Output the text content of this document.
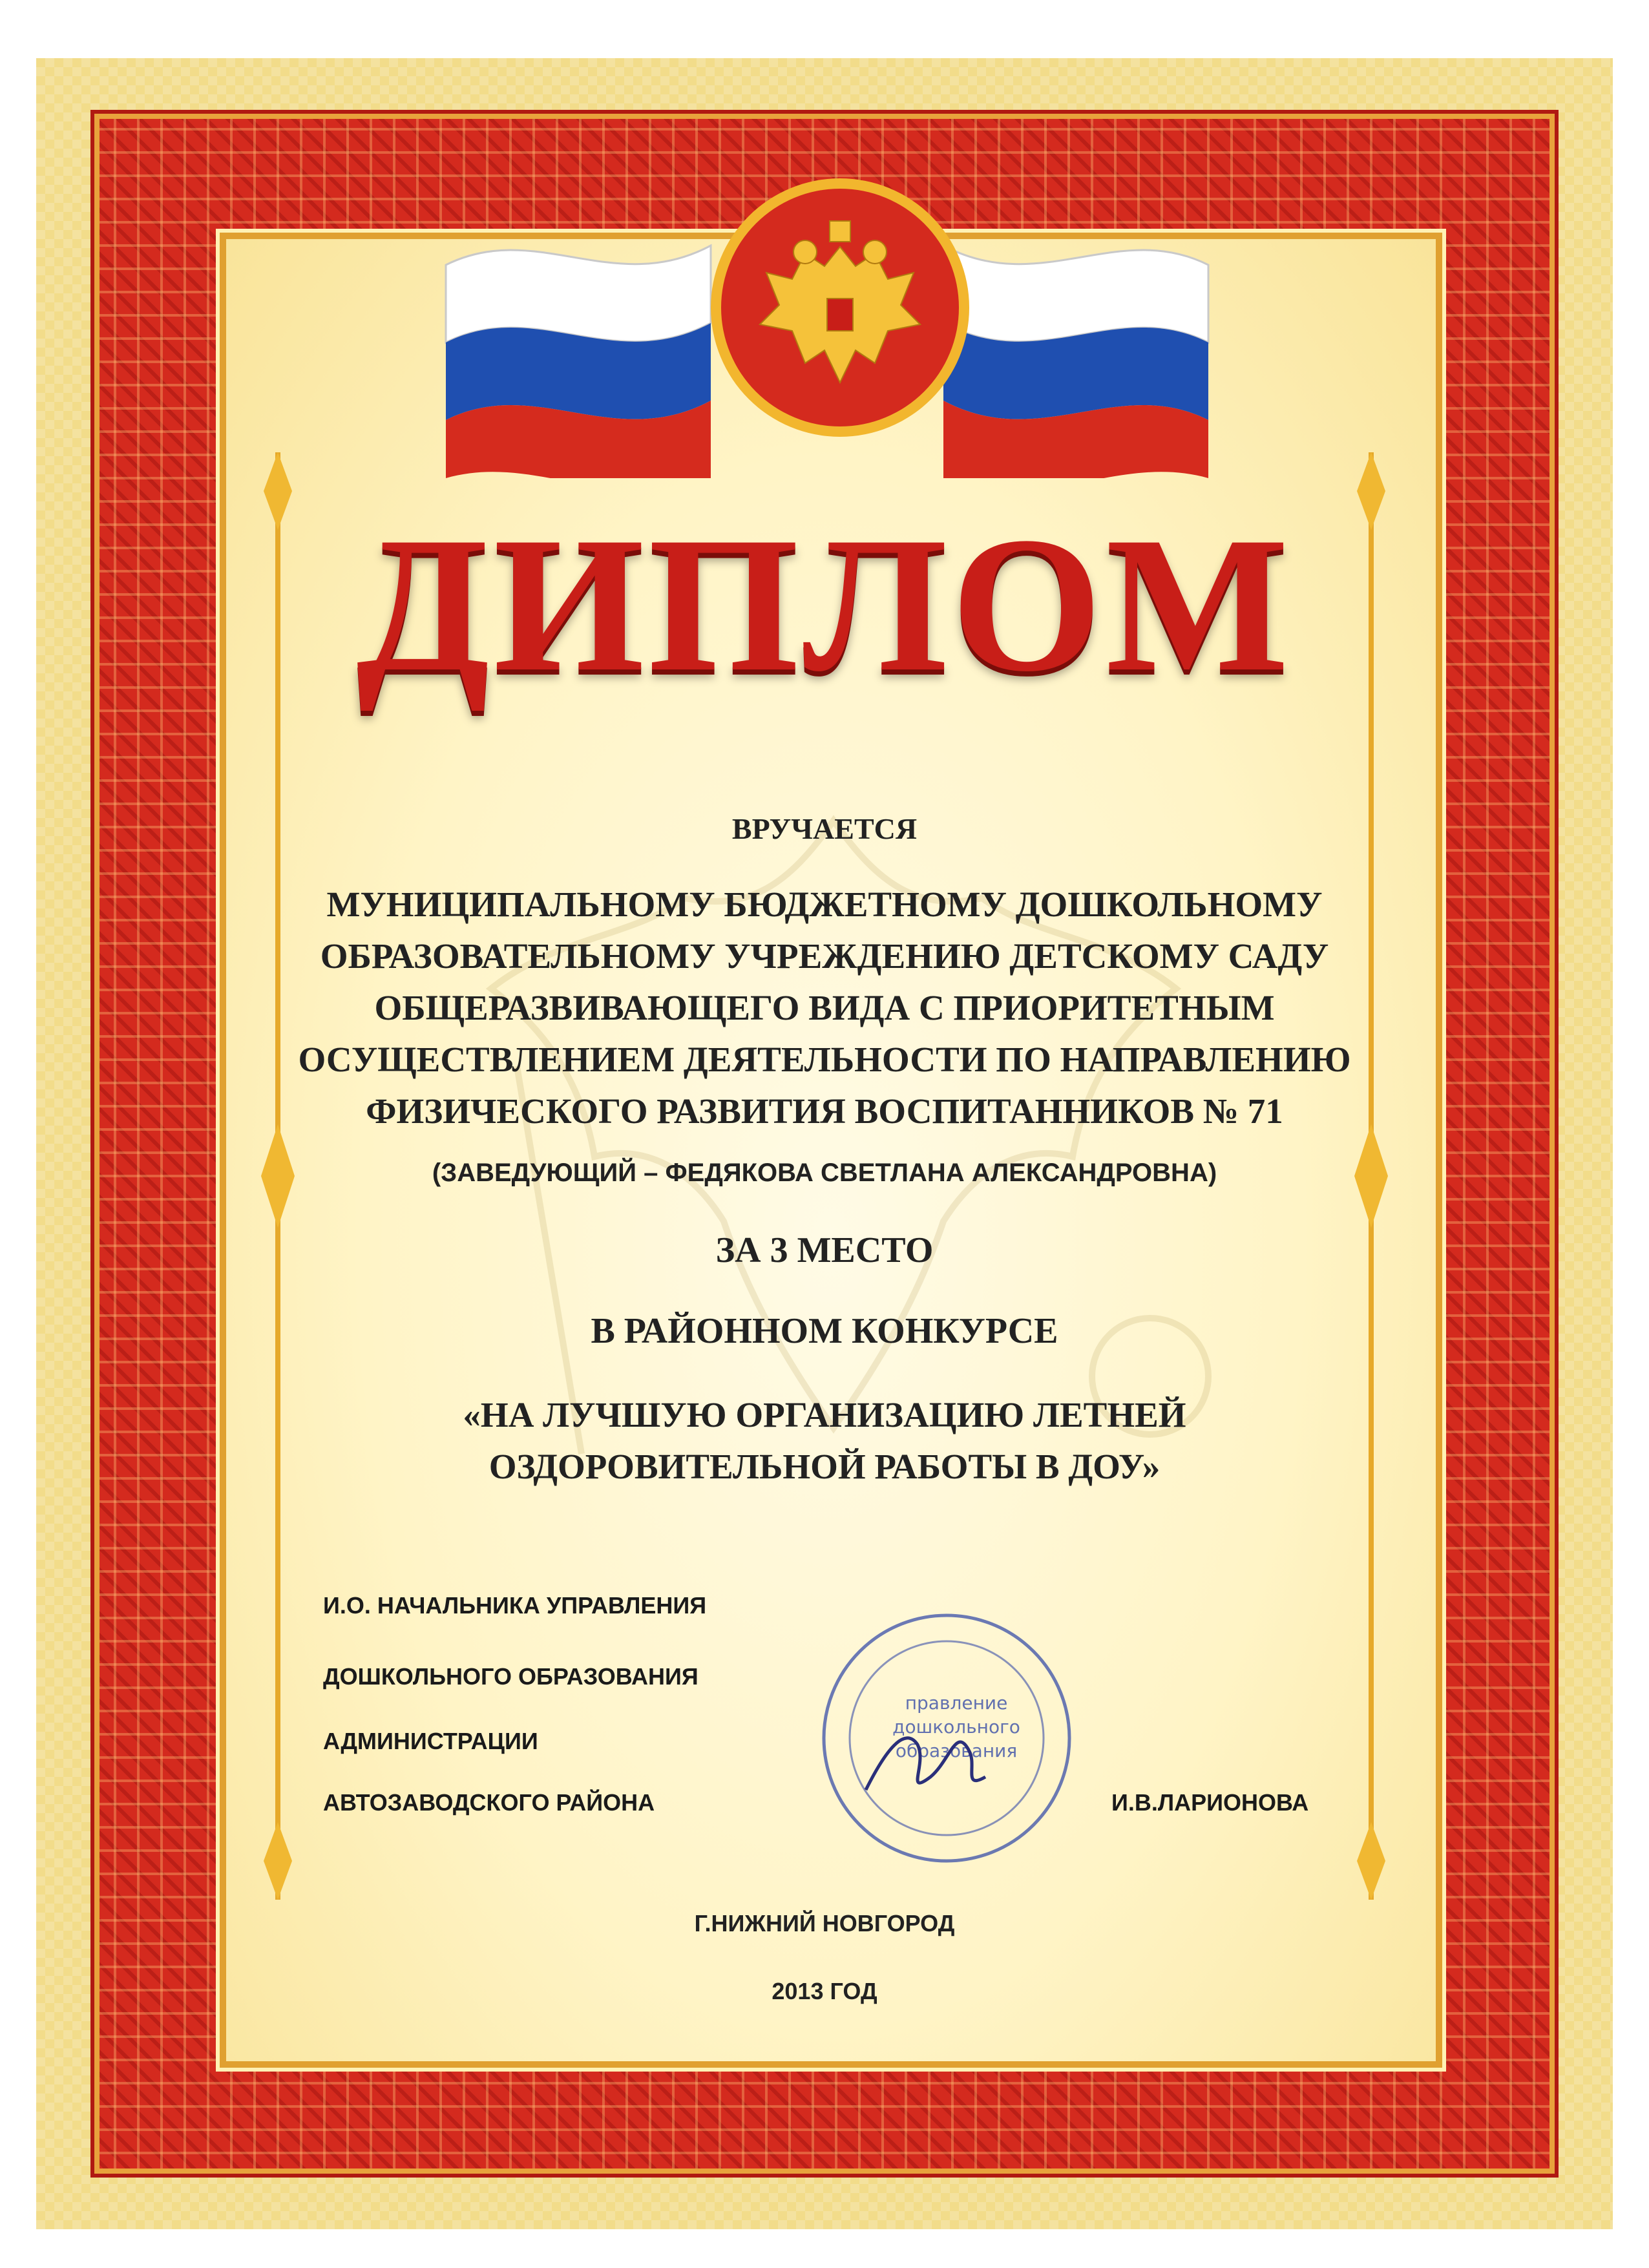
ДИПЛОМ
ВРУЧАЕТСЯ
МУНИЦИПАЛЬНОМУ БЮДЖЕТНОМУ ДОШКОЛЬНОМУ
ОБРАЗОВАТЕЛЬНОМУ УЧРЕЖДЕНИЮ ДЕТСКОМУ САДУ
ОБЩЕРАЗВИВАЮЩЕГО ВИДА С ПРИОРИТЕТНЫМ
ОСУЩЕСТВЛЕНИЕМ ДЕЯТЕЛЬНОСТИ ПО НАПРАВЛЕНИЮ
ФИЗИЧЕСКОГО РАЗВИТИЯ ВОСПИТАННИКОВ № 71
(ЗАВЕДУЮЩИЙ – ФЕДЯКОВА СВЕТЛАНА АЛЕКСАНДРОВНА)
ЗА 3 МЕСТО
В РАЙОННОМ КОНКУРСЕ
«НА ЛУЧШУЮ ОРГАНИЗАЦИЮ ЛЕТНЕЙ
ОЗДОРОВИТЕЛЬНОЙ РАБОТЫ В ДОУ»
И.О. НАЧАЛЬНИКА УПРАВЛЕНИЯ
ДОШКОЛЬНОГО ОБРАЗОВАНИЯ
АДМИНИСТРАЦИИ
АВТОЗАВОДСКОГО РАЙОНА	И.В.ЛАРИОНОВА
правление
дошкольного
образования
Г.НИЖНИЙ НОВГОРОД
2013 ГОД
